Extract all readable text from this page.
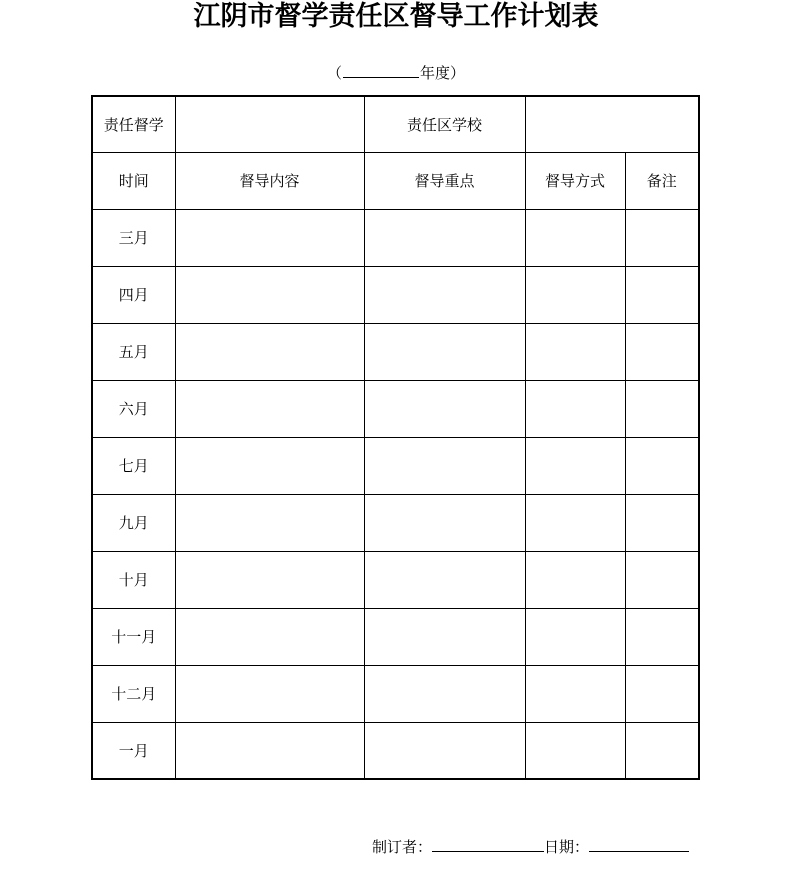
江阴市督学责任区督导工作计划表
（	年度）
责任督学		责任区学校		
时间	督导内容	督导重点	督导方式	备注
三月				
四月				
五月				
六月				
七月				
九月				
十月				
十一月				
十二月				
一月				
制订者：	日期：
